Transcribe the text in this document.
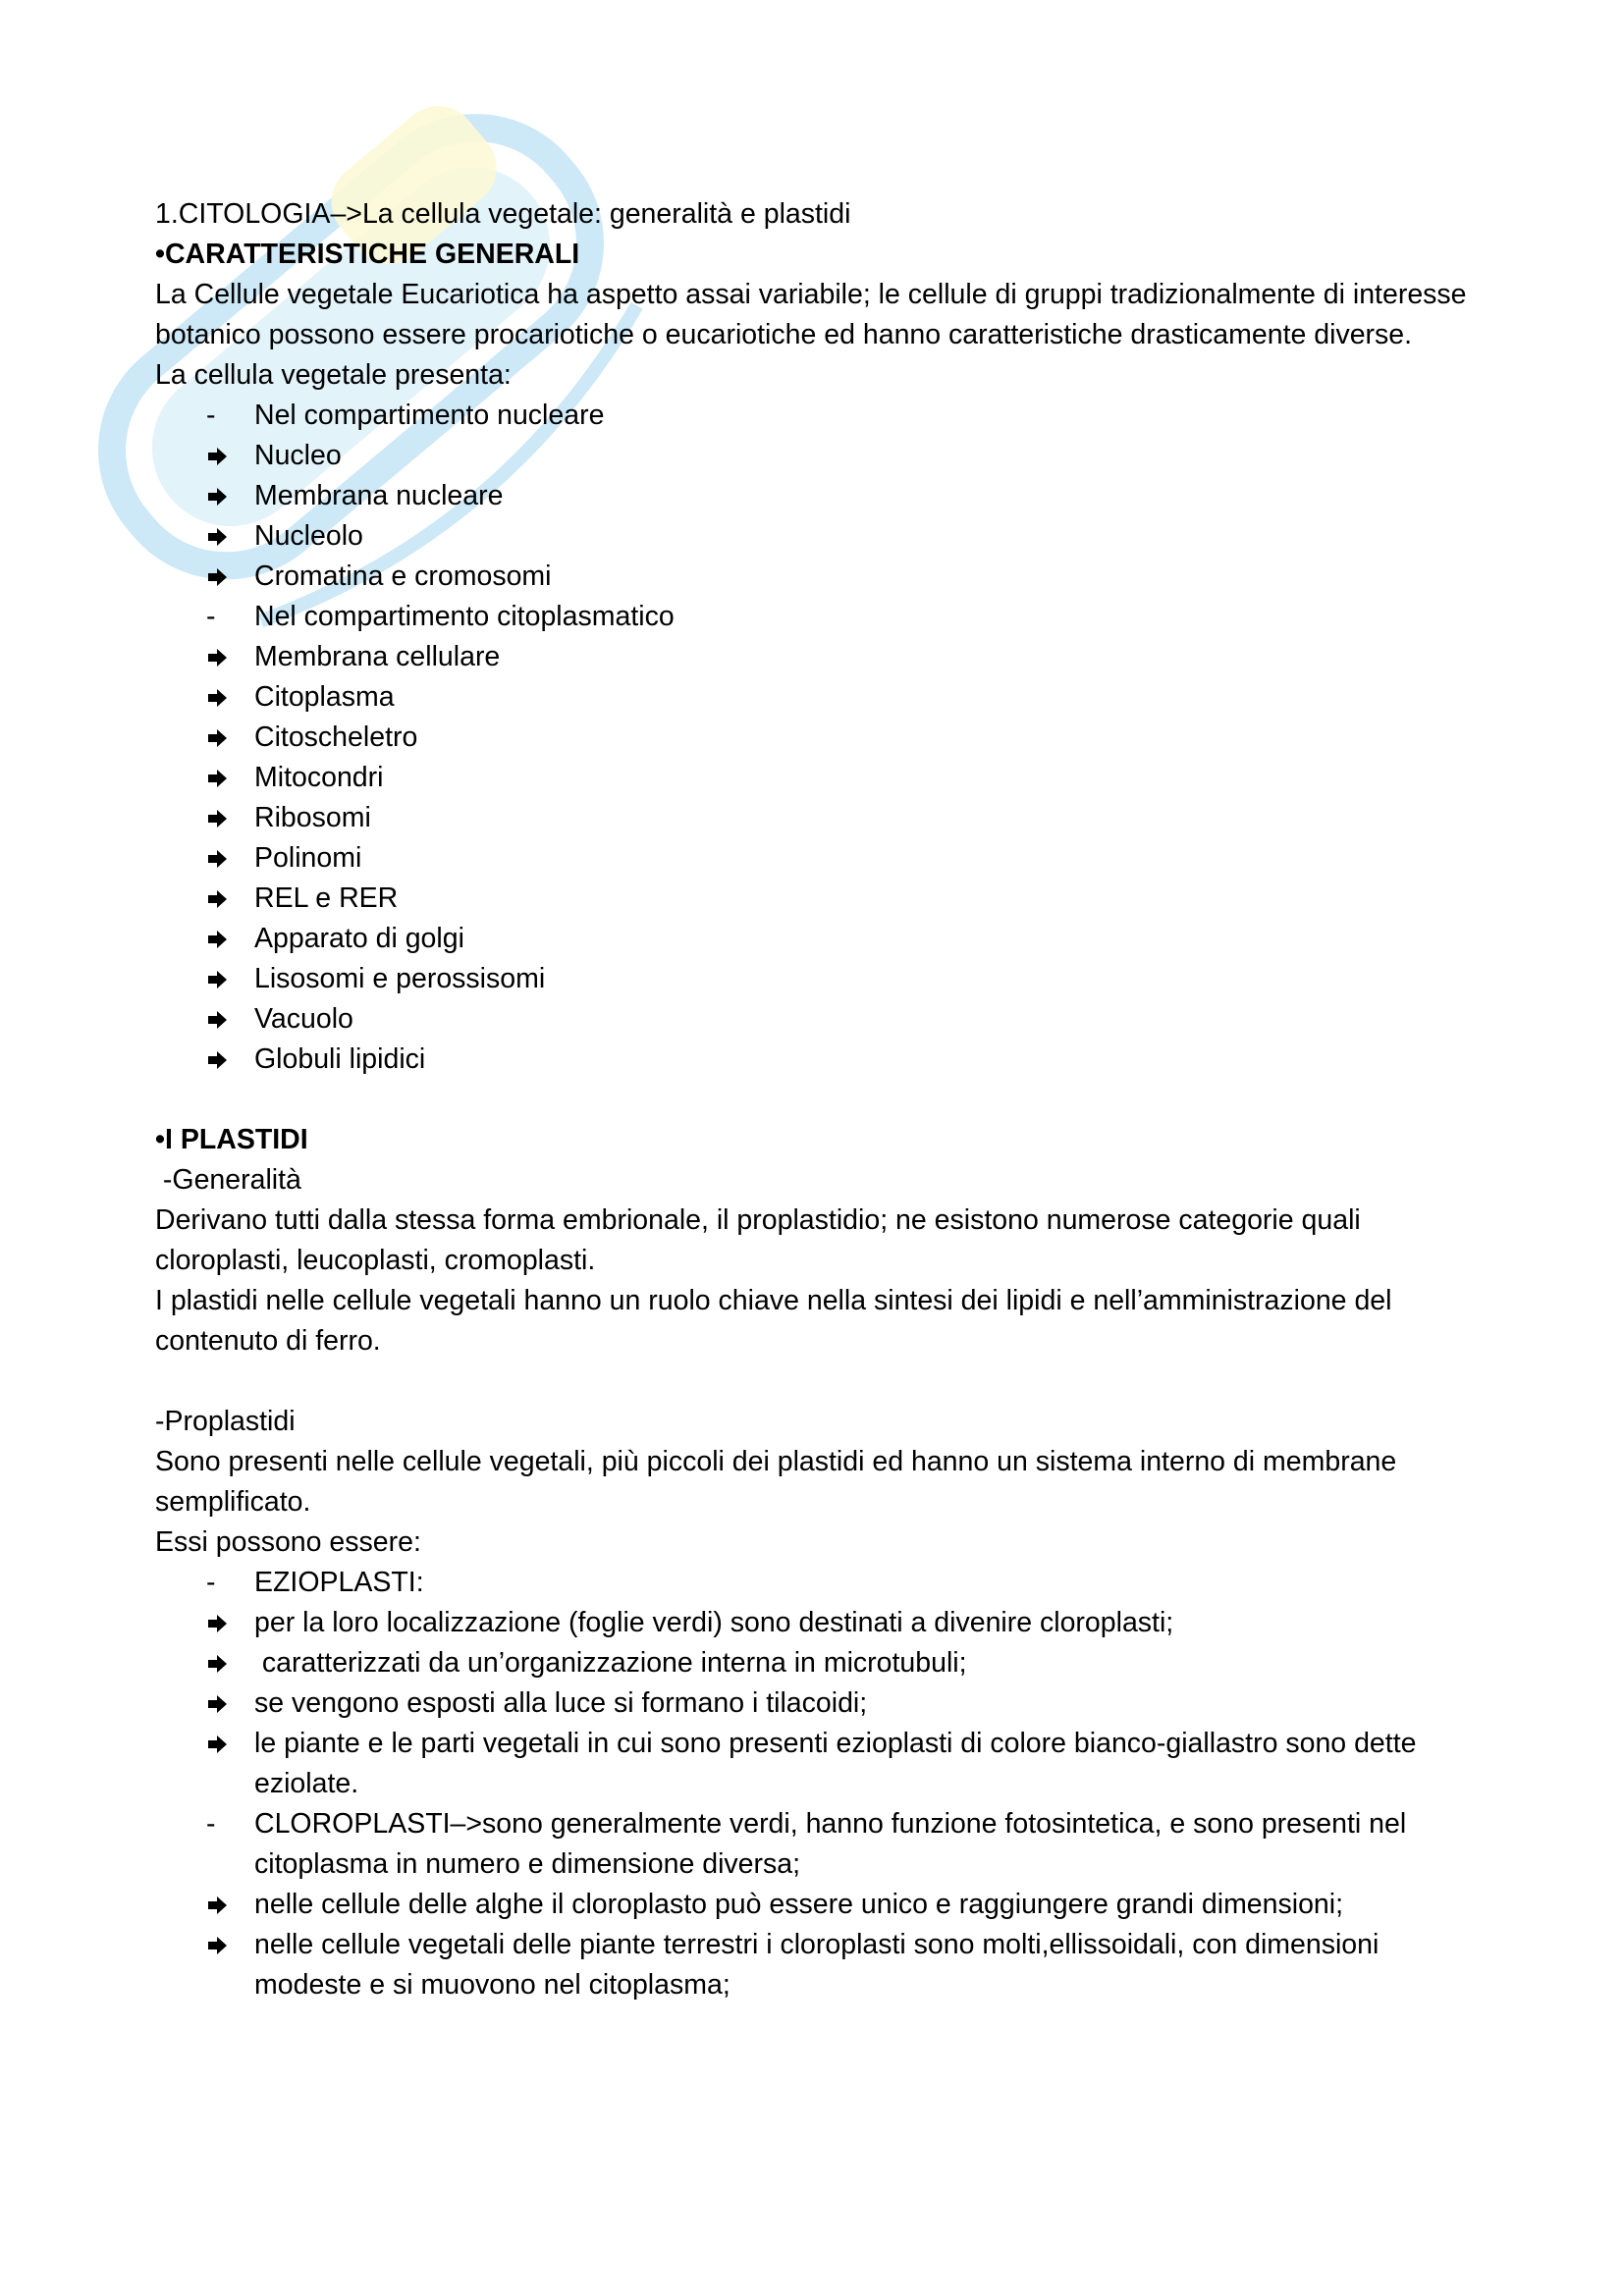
1.CITOLOGIA–>La cellula vegetale: generalità e plastidi

•CARATTERISTICHE GENERALI

La Cellule vegetale Eucariotica ha aspetto assai variabile; le cellule di gruppi tradizionalmente di interesse botanico possono essere procariotiche o eucariotiche ed hanno caratteristiche drasticamente diverse.

La cellula vegetale presenta:

-	Nel compartimento nucleare
Nucleo
Membrana nucleare
Nucleolo
Cromatina e cromosomi
-	Nel compartimento citoplasmatico
Membrana cellulare
Citoplasma
Citoscheletro
Mitocondri
Ribosomi
Polinomi
REL e RER
Apparato di golgi
Lisosomi e perossisomi
Vacuolo
Globuli lipidici

•I PLASTIDI

-Generalità

Derivano tutti dalla stessa forma embrionale, il proplastidio; ne esistono numerose categorie quali cloroplasti, leucoplasti, cromoplasti.

I plastidi nelle cellule vegetali hanno un ruolo chiave nella sintesi dei lipidi e nell’amministrazione del contenuto di ferro.

-Proplastidi

Sono presenti nelle cellule vegetali, più piccoli dei plastidi ed hanno un sistema interno di membrane semplificato.

Essi possono essere:

-	EZIOPLASTI:
per la loro localizzazione (foglie verdi) sono destinati a divenire cloroplasti;
caratterizzati da un’organizzazione interna in microtubuli;
se vengono esposti alla luce si formano i tilacoidi;
le piante e le parti vegetali in cui sono presenti ezioplasti di colore bianco-giallastro sono dette eziolate.
-	CLOROPLASTI–>sono generalmente verdi, hanno funzione fotosintetica, e sono presenti nel citoplasma in numero e dimensione diversa;
nelle cellule delle alghe il cloroplasto può essere unico e raggiungere grandi dimensioni;
nelle cellule vegetali delle piante terrestri i cloroplasti sono molti,ellissoidali, con dimensioni modeste e si muovono nel citoplasma;
